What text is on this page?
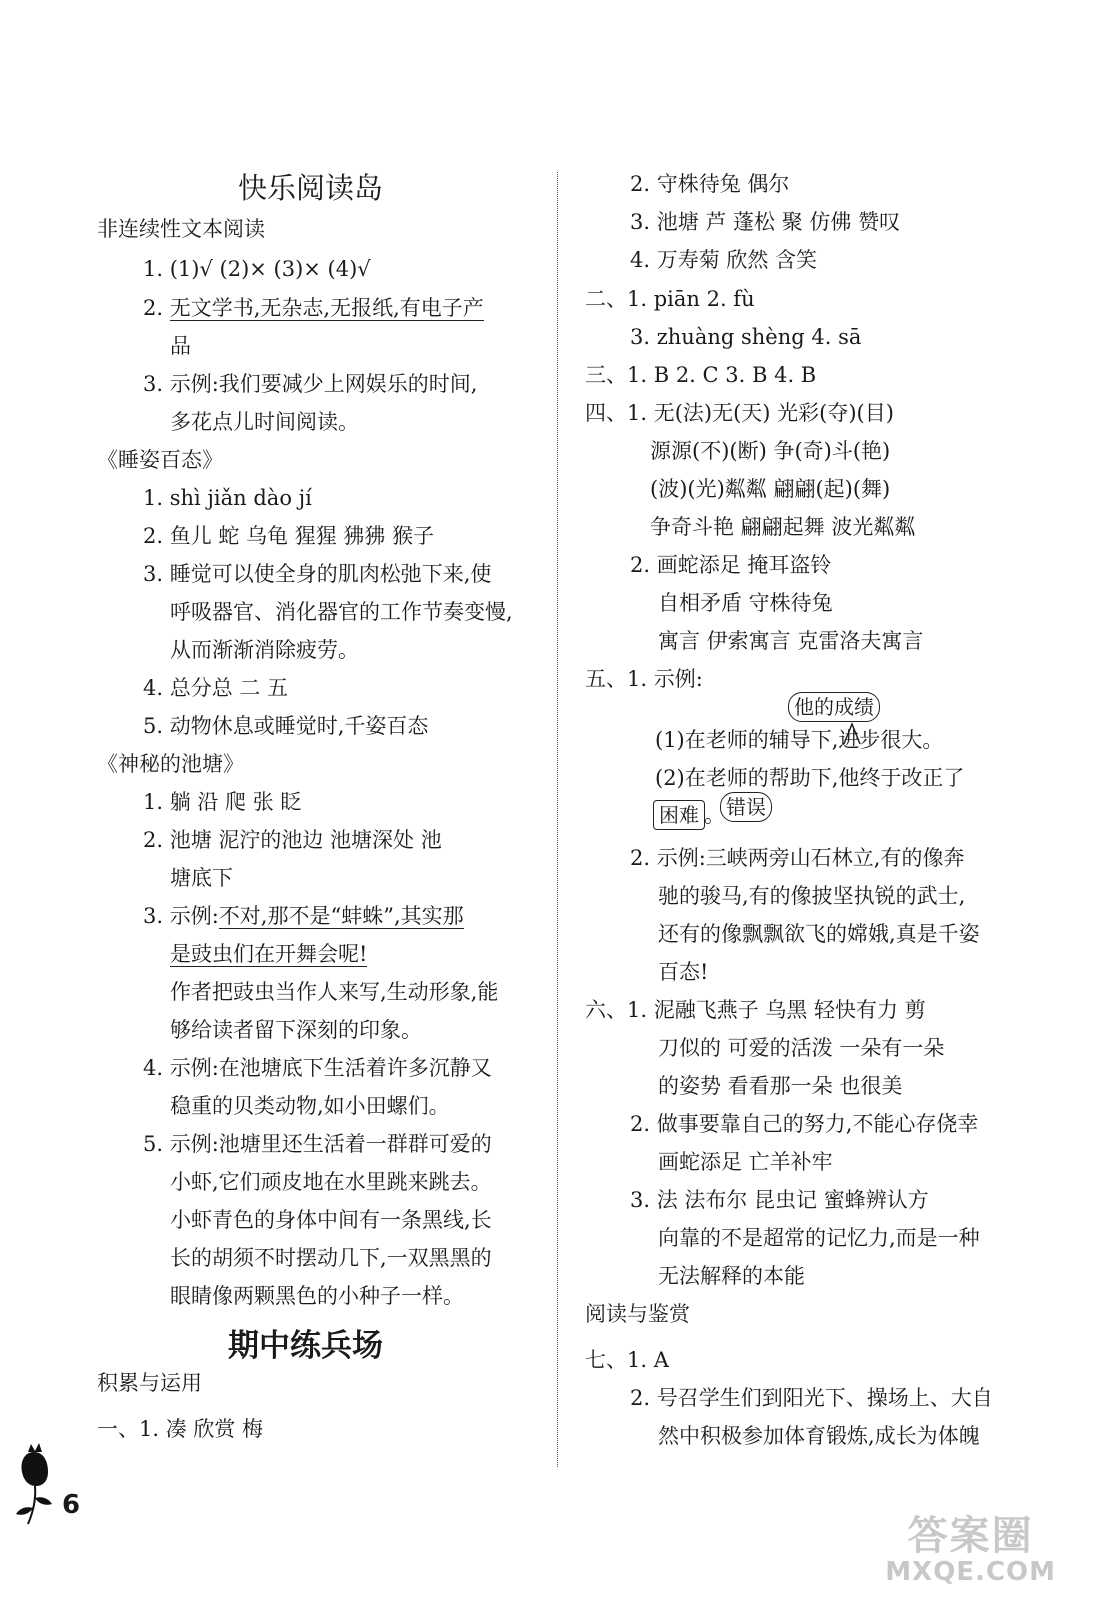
快乐阅读岛
非连续性文本阅读
1. (1)√ (2)× (3)× (4)√
2. 无文学书,无杂志,无报纸,有电子产
品
3. 示例:我们要减少上网娱乐的时间,
多花点儿时间阅读。
《睡姿百态》
1. shì jiǎn dào jí
2. 鱼儿 蛇 乌龟 猩猩 狒狒 猴子
3. 睡觉可以使全身的肌肉松弛下来,使
呼吸器官、消化器官的工作节奏变慢,
从而渐渐消除疲劳。
4. 总分总 二 五
5. 动物休息或睡觉时,千姿百态
《神秘的池塘》
1. 躺 沿 爬 张 眨
2. 池塘 泥泞的池边 池塘深处 池
塘底下
3. 示例:不对,那不是“蚌蛛”,其实那
是豉虫们在开舞会呢!
作者把豉虫当作人来写,生动形象,能
够给读者留下深刻的印象。
4. 示例:在池塘底下生活着许多沉静又
稳重的贝类动物,如小田螺们。
5. 示例:池塘里还生活着一群群可爱的
小虾,它们顽皮地在水里跳来跳去。
小虾青色的身体中间有一条黑线,长
长的胡须不时摆动几下,一双黑黑的
眼睛像两颗黑色的小种子一样。
期中练兵场
积累与运用
一、1. 凑 欣赏 梅
2. 守株待兔 偶尔
3. 池塘 芦 蓬松 聚 仿佛 赞叹
4. 万寿菊 欣然 含笑
二、1. piān 2. fù
3. zhuàng shèng 4. sā
三、1. B 2. C 3. B 4. B
四、1. 无(法)无(天) 光彩(夺)(目)
源源(不)(断) 争(奇)斗(艳)
(波)(光)粼粼 翩翩(起)(舞)
争奇斗艳 翩翩起舞 波光粼粼
2. 画蛇添足 掩耳盗铃
自相矛盾 守株待兔
寓言 伊索寓言 克雷洛夫寓言
五、1. 示例:
他的成绩
(1)在老师的辅导下,进步很大。
(2)在老师的帮助下,他终于改正了
困难 。 错误
2. 示例:三峡两旁山石林立,有的像奔
驰的骏马,有的像披坚执锐的武士,
还有的像飘飘欲飞的嫦娥,真是千姿
百态!
六、1. 泥融飞燕子 乌黑 轻快有力 剪
刀似的 可爱的活泼 一朵有一朵
的姿势 看看那一朵 也很美
2. 做事要靠自己的努力,不能心存侥幸
画蛇添足 亡羊补牢
3. 法 法布尔 昆虫记 蜜蜂辨认方
向靠的不是超常的记忆力,而是一种
无法解释的本能
阅读与鉴赏
七、1. A
2. 号召学生们到阳光下、操场上、大自
然中积极参加体育锻炼,成长为体魄
6
答案圈
MXQE.COM
